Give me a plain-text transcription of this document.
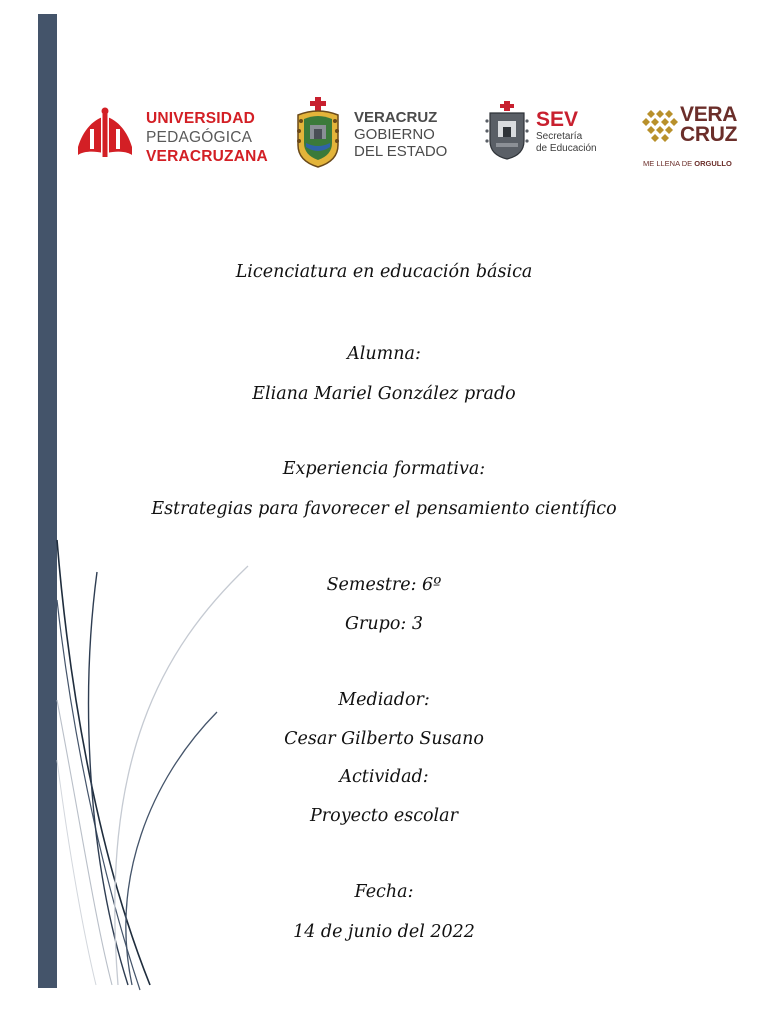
UNIVERSIDAD
PEDAGÓGICA
VERACRUZANA
VERACRUZ
GOBIERNO
DEL ESTADO
SEV
Secretaría
de Educación
VERA
CRUZ
ME LLENA DE ORGULLO
Licenciatura en educación básica
Alumna:
Eliana Mariel González prado
Experiencia formativa:
Estrategias para favorecer el pensamiento científico
Semestre: 6º
Grupo: 3
Mediador:
Cesar Gilberto Susano
Actividad:
Proyecto escolar
Fecha:
14 de junio del 2022
